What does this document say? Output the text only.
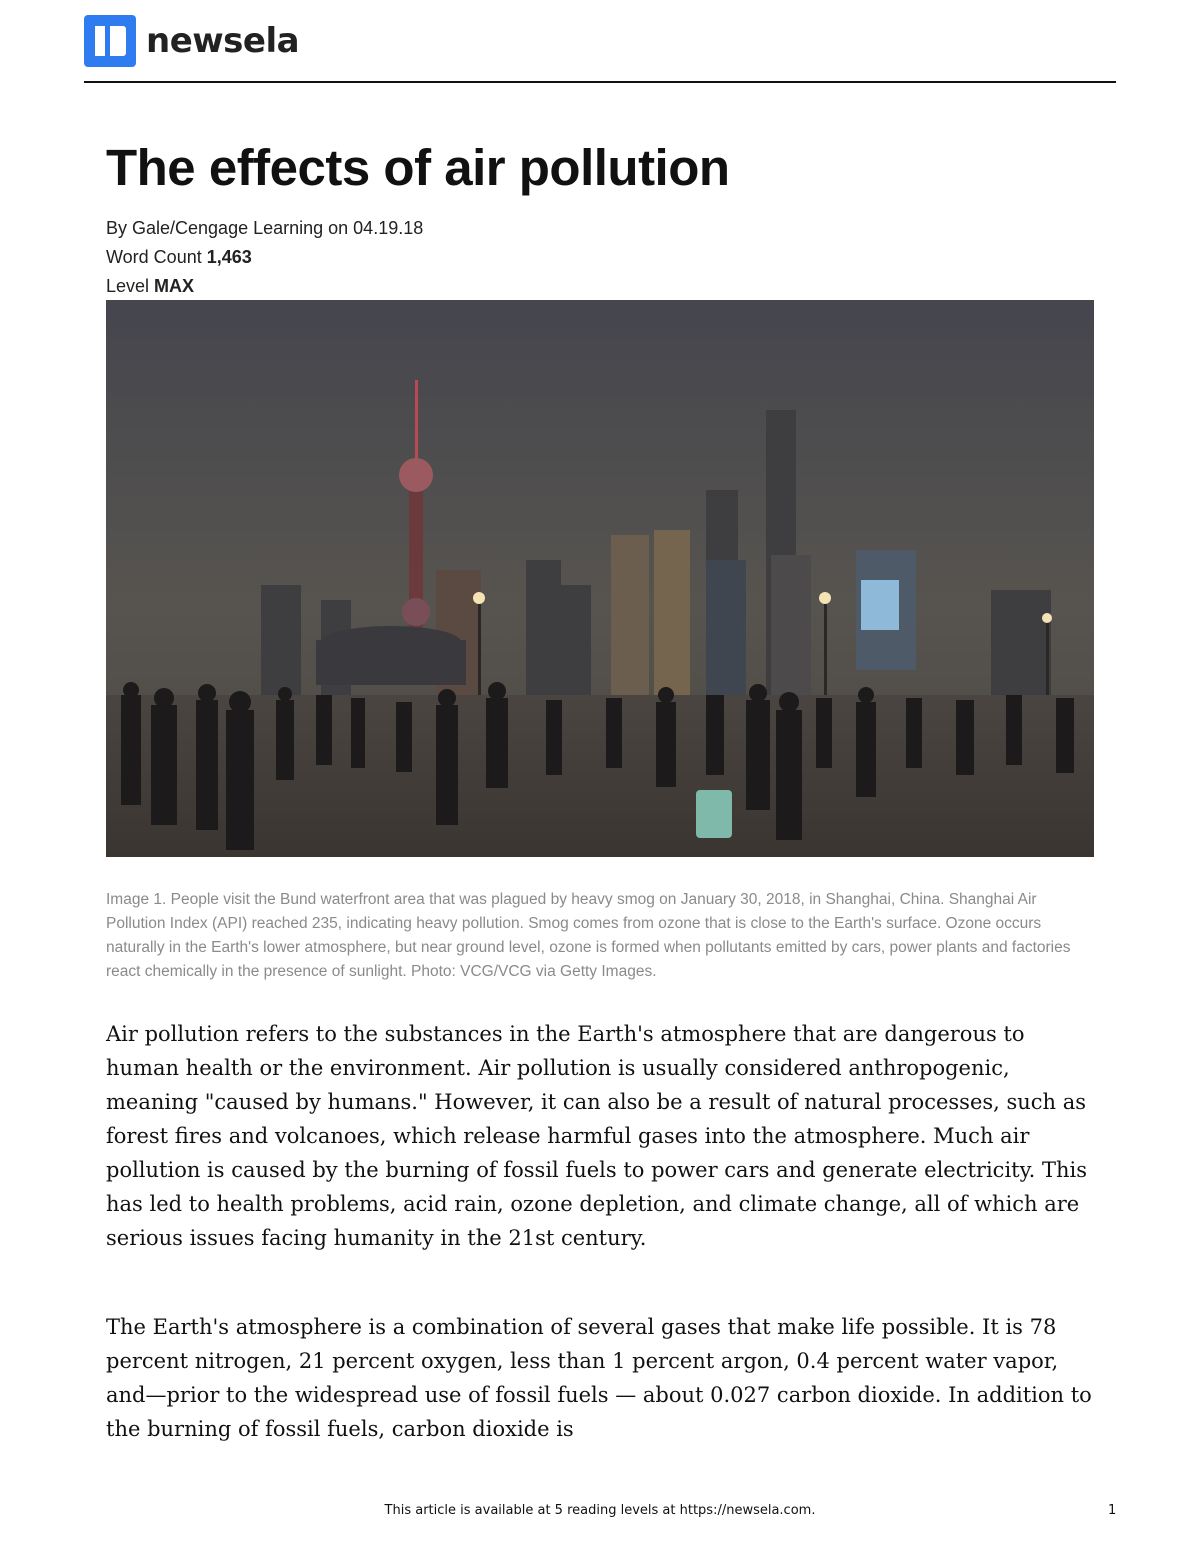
newsela
The effects of air pollution
By Gale/Cengage Learning on 04.19.18
Word Count 1,463
Level MAX

Image 1. People visit the Bund waterfront area that was plagued by heavy smog on January 30, 2018, in Shanghai, China. Shanghai Air Pollution Index (API) reached 235, indicating heavy pollution. Smog comes from ozone that is close to the Earth's surface. Ozone occurs naturally in the Earth's lower atmosphere, but near ground level, ozone is formed when pollutants emitted by cars, power plants and factories react chemically in the presence of sunlight. Photo: VCG/VCG via Getty Images.

Air pollution refers to the substances in the Earth's atmosphere that are dangerous to human health or the environment. Air pollution is usually considered anthropogenic, meaning "caused by humans." However, it can also be a result of natural processes, such as forest fires and volcanoes, which release harmful gases into the atmosphere. Much air pollution is caused by the burning of fossil fuels to power cars and generate electricity. This has led to health problems, acid rain, ozone depletion, and climate change, all of which are serious issues facing humanity in the 21st century.

The Earth's atmosphere is a combination of several gases that make life possible. It is 78 percent nitrogen, 21 percent oxygen, less than 1 percent argon, 0.4 percent water vapor, and—prior to the widespread use of fossil fuels — about 0.027 carbon dioxide. In addition to the burning of fossil fuels, carbon dioxide is

This article is available at 5 reading levels at https://newsela.com.	1
